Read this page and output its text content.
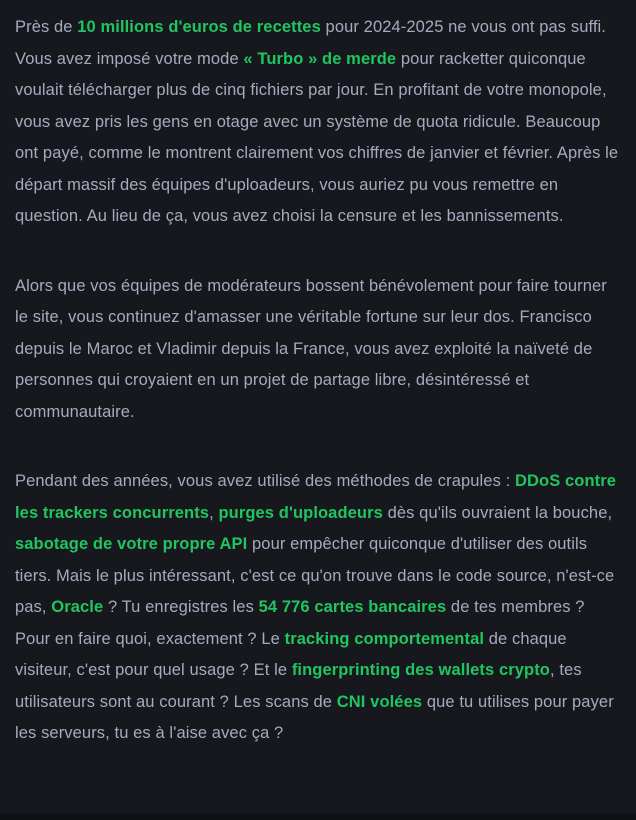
Près de 10 millions d'euros de recettes pour 2024-2025 ne vous ont pas suffi. Vous avez imposé votre mode « Turbo » de merde pour racketter quiconque voulait télécharger plus de cinq fichiers par jour. En profitant de votre monopole, vous avez pris les gens en otage avec un système de quota ridicule. Beaucoup ont payé, comme le montrent clairement vos chiffres de janvier et février. Après le départ massif des équipes d'uploadeurs, vous auriez pu vous remettre en question. Au lieu de ça, vous avez choisi la censure et les bannissements.

Alors que vos équipes de modérateurs bossent bénévolement pour faire tourner le site, vous continuez d'amasser une véritable fortune sur leur dos. Francisco depuis le Maroc et Vladimir depuis la France, vous avez exploité la naïveté de personnes qui croyaient en un projet de partage libre, désintéressé et communautaire.

Pendant des années, vous avez utilisé des méthodes de crapules : DDoS contre les trackers concurrents, purges d'uploadeurs dès qu'ils ouvraient la bouche, sabotage de votre propre API pour empêcher quiconque d'utiliser des outils tiers. Mais le plus intéressant, c'est ce qu'on trouve dans le code source, n'est-ce pas, Oracle ? Tu enregistres les 54 776 cartes bancaires de tes membres ? Pour en faire quoi, exactement ? Le tracking comportemental de chaque visiteur, c'est pour quel usage ? Et le fingerprinting des wallets crypto, tes utilisateurs sont au courant ? Les scans de CNI volées que tu utilises pour payer les serveurs, tu es à l'aise avec ça ?
